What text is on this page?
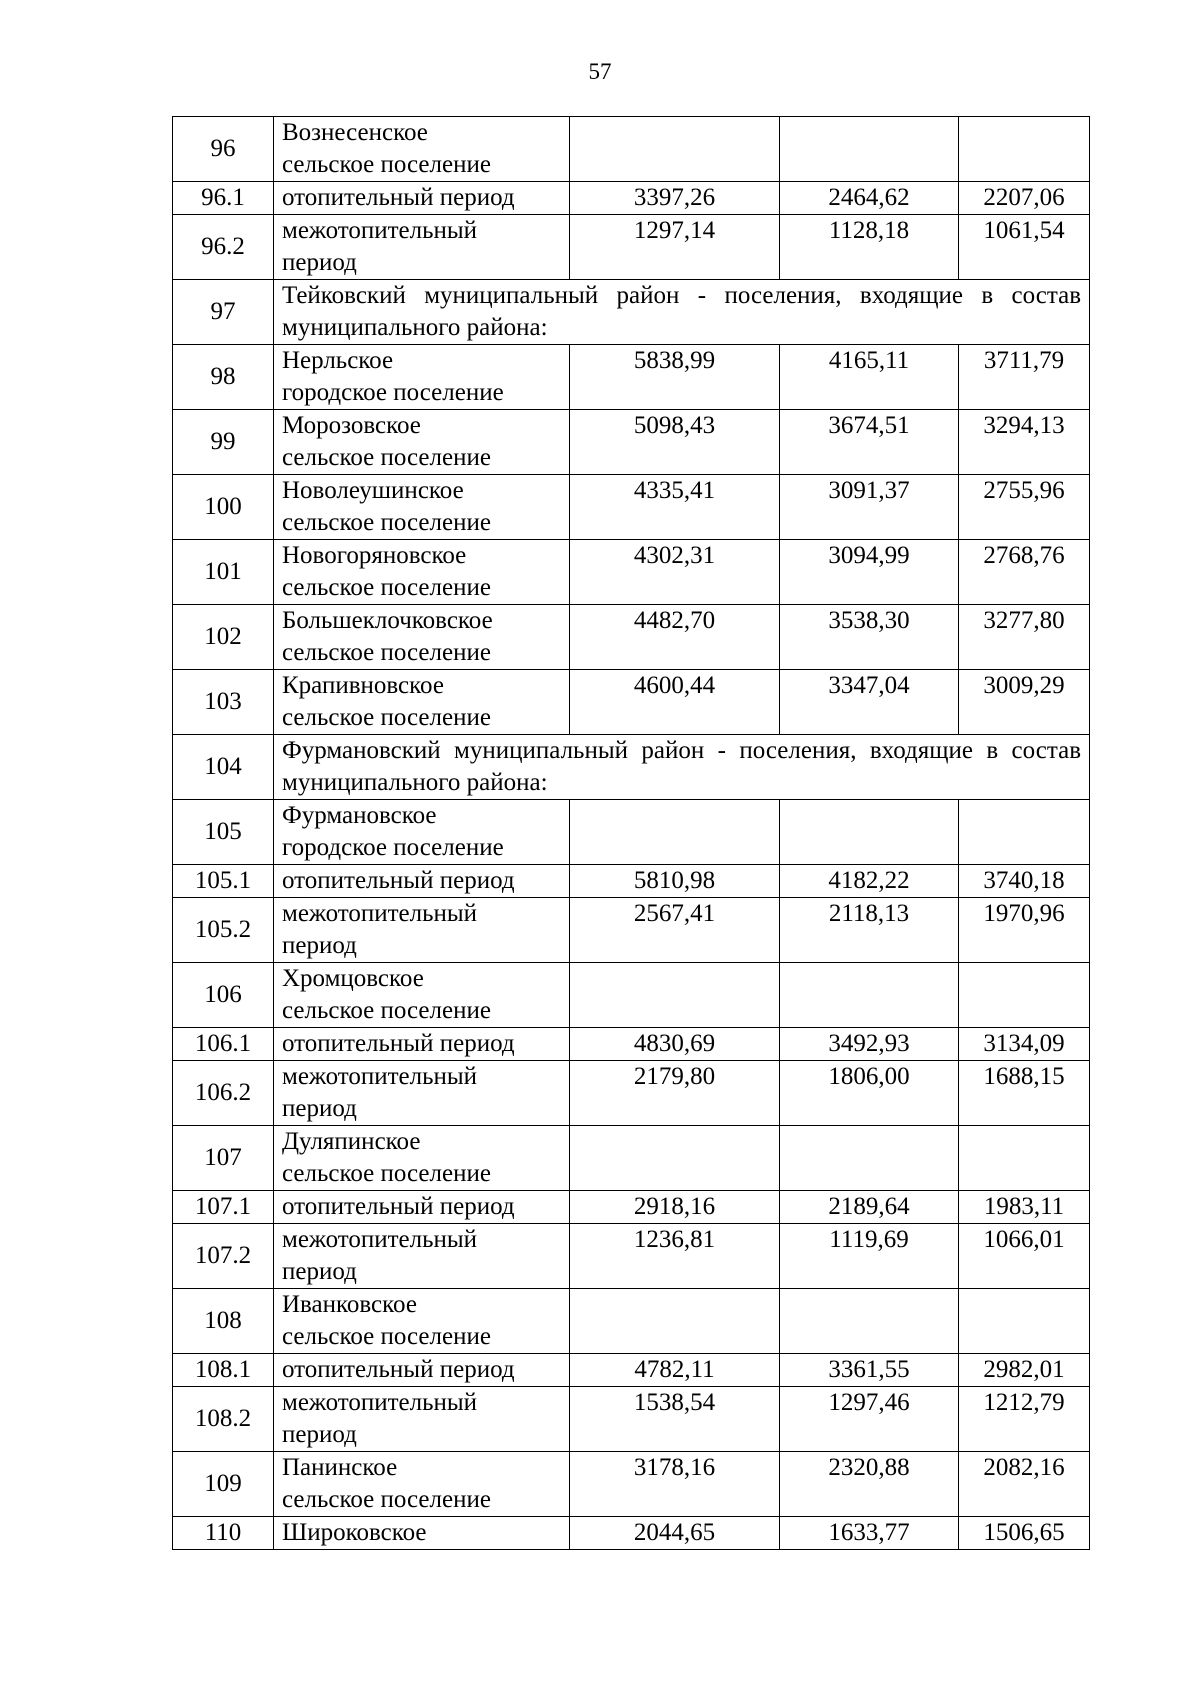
57
96	Вознесенское
сельское поселение			

96.1	отопительный период	3397,26	2464,62	2207,06
96.2	межотопительный
период	1297,14	1128,18	1061,54
97	Тейковский муниципальный район - поселения, входящие в состав муниципального района:			
98	Нерльское
городское поселение	5838,99	4165,11	3711,79
99	Морозовское
сельское поселение	5098,43	3674,51	3294,13
100	Новолеушинское
сельское поселение	4335,41	3091,37	2755,96
101	Новогоряновское
сельское поселение	4302,31	3094,99	2768,76
102	Большеклочковское
сельское поселение	4482,70	3538,30	3277,80
103	Крапивновское
сельское поселение	4600,44	3347,04	3009,29
104	Фурмановский муниципальный район - поселения, входящие в состав муниципального района:			
105	Фурмановское
городское поселение			

105.1	отопительный период	5810,98	4182,22	3740,18
105.2	межотопительный
период	2567,41	2118,13	1970,96
106	Хромцовское
сельское поселение			

106.1	отопительный период	4830,69	3492,93	3134,09
106.2	межотопительный
период	2179,80	1806,00	1688,15
107	Дуляпинское
сельское поселение			

107.1	отопительный период	2918,16	2189,64	1983,11
107.2	межотопительный
период	1236,81	1119,69	1066,01
108	Иванковское
сельское поселение			

108.1	отопительный период	4782,11	3361,55	2982,01
108.2	межотопительный
период	1538,54	1297,46	1212,79
109	Панинское
сельское поселение	3178,16	2320,88	2082,16
110	Широковское	2044,65	1633,77	1506,65
